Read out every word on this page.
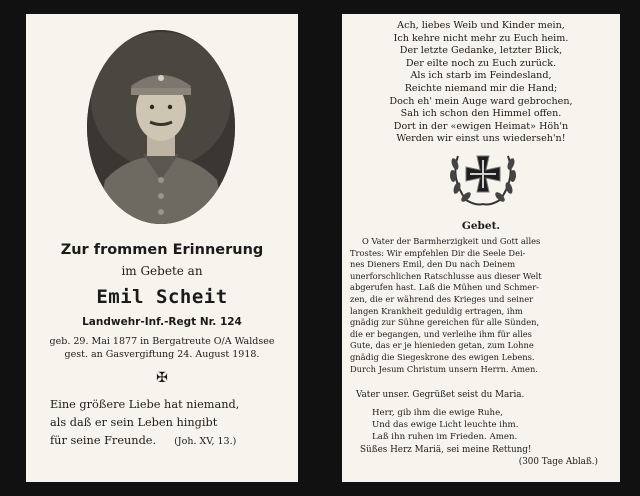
Zur frommen Erinnerung
im Gebete an
Emil Scheit
Landwehr-Inf.-Regt Nr. 124
geb. 29. Mai 1877 in Bergatreute O/A Waldsee
gest. an Gasvergiftung 24. August 1918.
✠
Eine größere Liebe hat niemand,
als daß er sein Leben hingibt
für seine Freunde. (Joh. XV, 13.)
Ach, liebes Weib und Kinder mein,
Ich kehre nicht mehr zu Euch heim.
Der letzte Gedanke, letzter Blick,
Der eilte noch zu Euch zurück.
Als ich starb im Feindesland,
Reichte niemand mir die Hand;
Doch eh' mein Auge ward gebrochen,
Sah ich schon den Himmel offen.
Dort in der «ewigen Heimat» Höh'n
Werden wir einst uns wiederseh'n!
Gebet.
O Vater der Barmherzigkeit und Gott alles
Trostes: Wir empfehlen Dir die Seele Dei-
nes Dieners Emil, den Du nach Deinem
unerforschlichen Ratschlusse aus dieser Welt
abgerufen hast. Laß die Mühen und Schmer-
zen, die er während des Krieges und seiner
langen Krankheit geduldig ertragen, ihm
gnädig zur Sühne gereichen für alle Sünden,
die er begangen, und verleihe ihm für alles
Gute, das er je hienieden getan, zum Lohne
gnädig die Siegeskrone des ewigen Lebens.
Durch Jesum Christum unsern Herrn. Amen.
Vater unser. Gegrüßet seist du Maria.
Herr, gib ihm die ewige Ruhe,
Und das ewige Licht leuchte ihm.
Laß ihn ruhen im Frieden. Amen.
Süßes Herz Mariä, sei meine Rettung!
(300 Tage Ablaß.)
